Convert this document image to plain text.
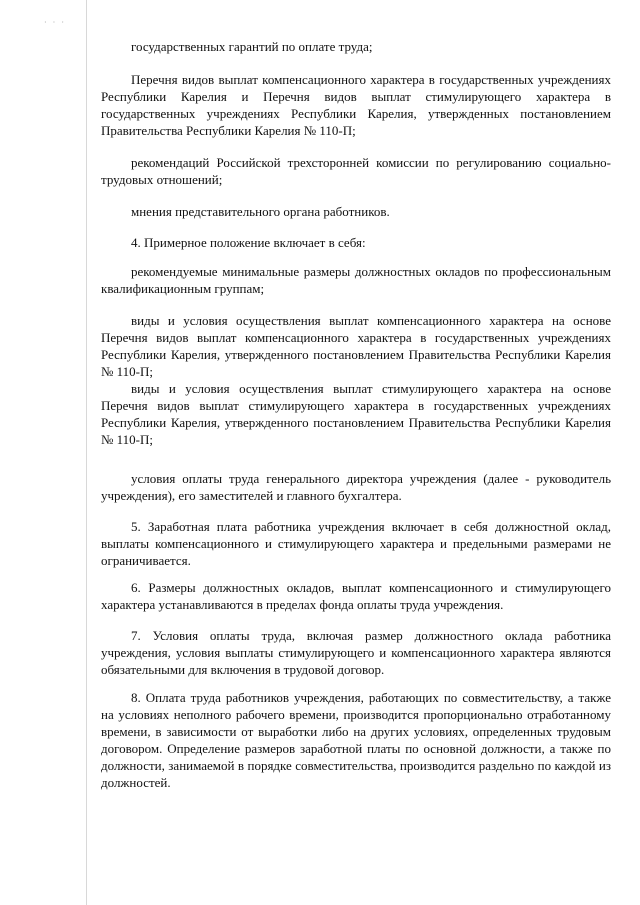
· · ·

государственных гарантий по оплате труда;

Перечня видов выплат компенсационного характера в государственных учреждениях Республики Карелия и Перечня видов выплат стимулирующего характера в государственных учреждениях Республики Карелия, утвержденных постановлением Правительства Республики Карелия № 110-П;

рекомендаций Российской трехсторонней комиссии по регулированию социально-трудовых отношений;

мнения представительного органа работников.

4. Примерное положение включает в себя:

рекомендуемые минимальные размеры должностных окладов по профессиональным квалификационным группам;

виды и условия осуществления выплат компенсационного характера на основе Перечня видов выплат компенсационного характера в государственных учреждениях Республики Карелия, утвержденного постановлением Правительства Республики Карелия № 110-П;

виды и условия осуществления выплат стимулирующего характера на основе Перечня видов выплат стимулирующего характера в государственных учреждениях Республики Карелия, утвержденного постановлением Правительства Республики Карелия № 110-П;

условия оплаты труда генерального директора учреждения (далее - руководитель учреждения), его заместителей и главного бухгалтера.

5. Заработная плата работника учреждения включает в себя должностной оклад, выплаты компенсационного и стимулирующего характера и предельными размерами не ограничивается.

6. Размеры должностных окладов, выплат компенсационного и стимулирующего характера устанавливаются в пределах фонда оплаты труда учреждения.

7. Условия оплаты труда, включая размер должностного оклада работника учреждения, условия выплаты стимулирующего и компенсационного характера являются обязательными для включения в трудовой договор.

8. Оплата труда работников учреждения, работающих по совместительству, а также на условиях неполного рабочего времени, производится пропорционально отработанному времени, в зависимости от выработки либо на других условиях, определенных трудовым договором. Определение размеров заработной платы по основной должности, а также по должности, занимаемой в порядке совместительства, производится раздельно по каждой из должностей.
